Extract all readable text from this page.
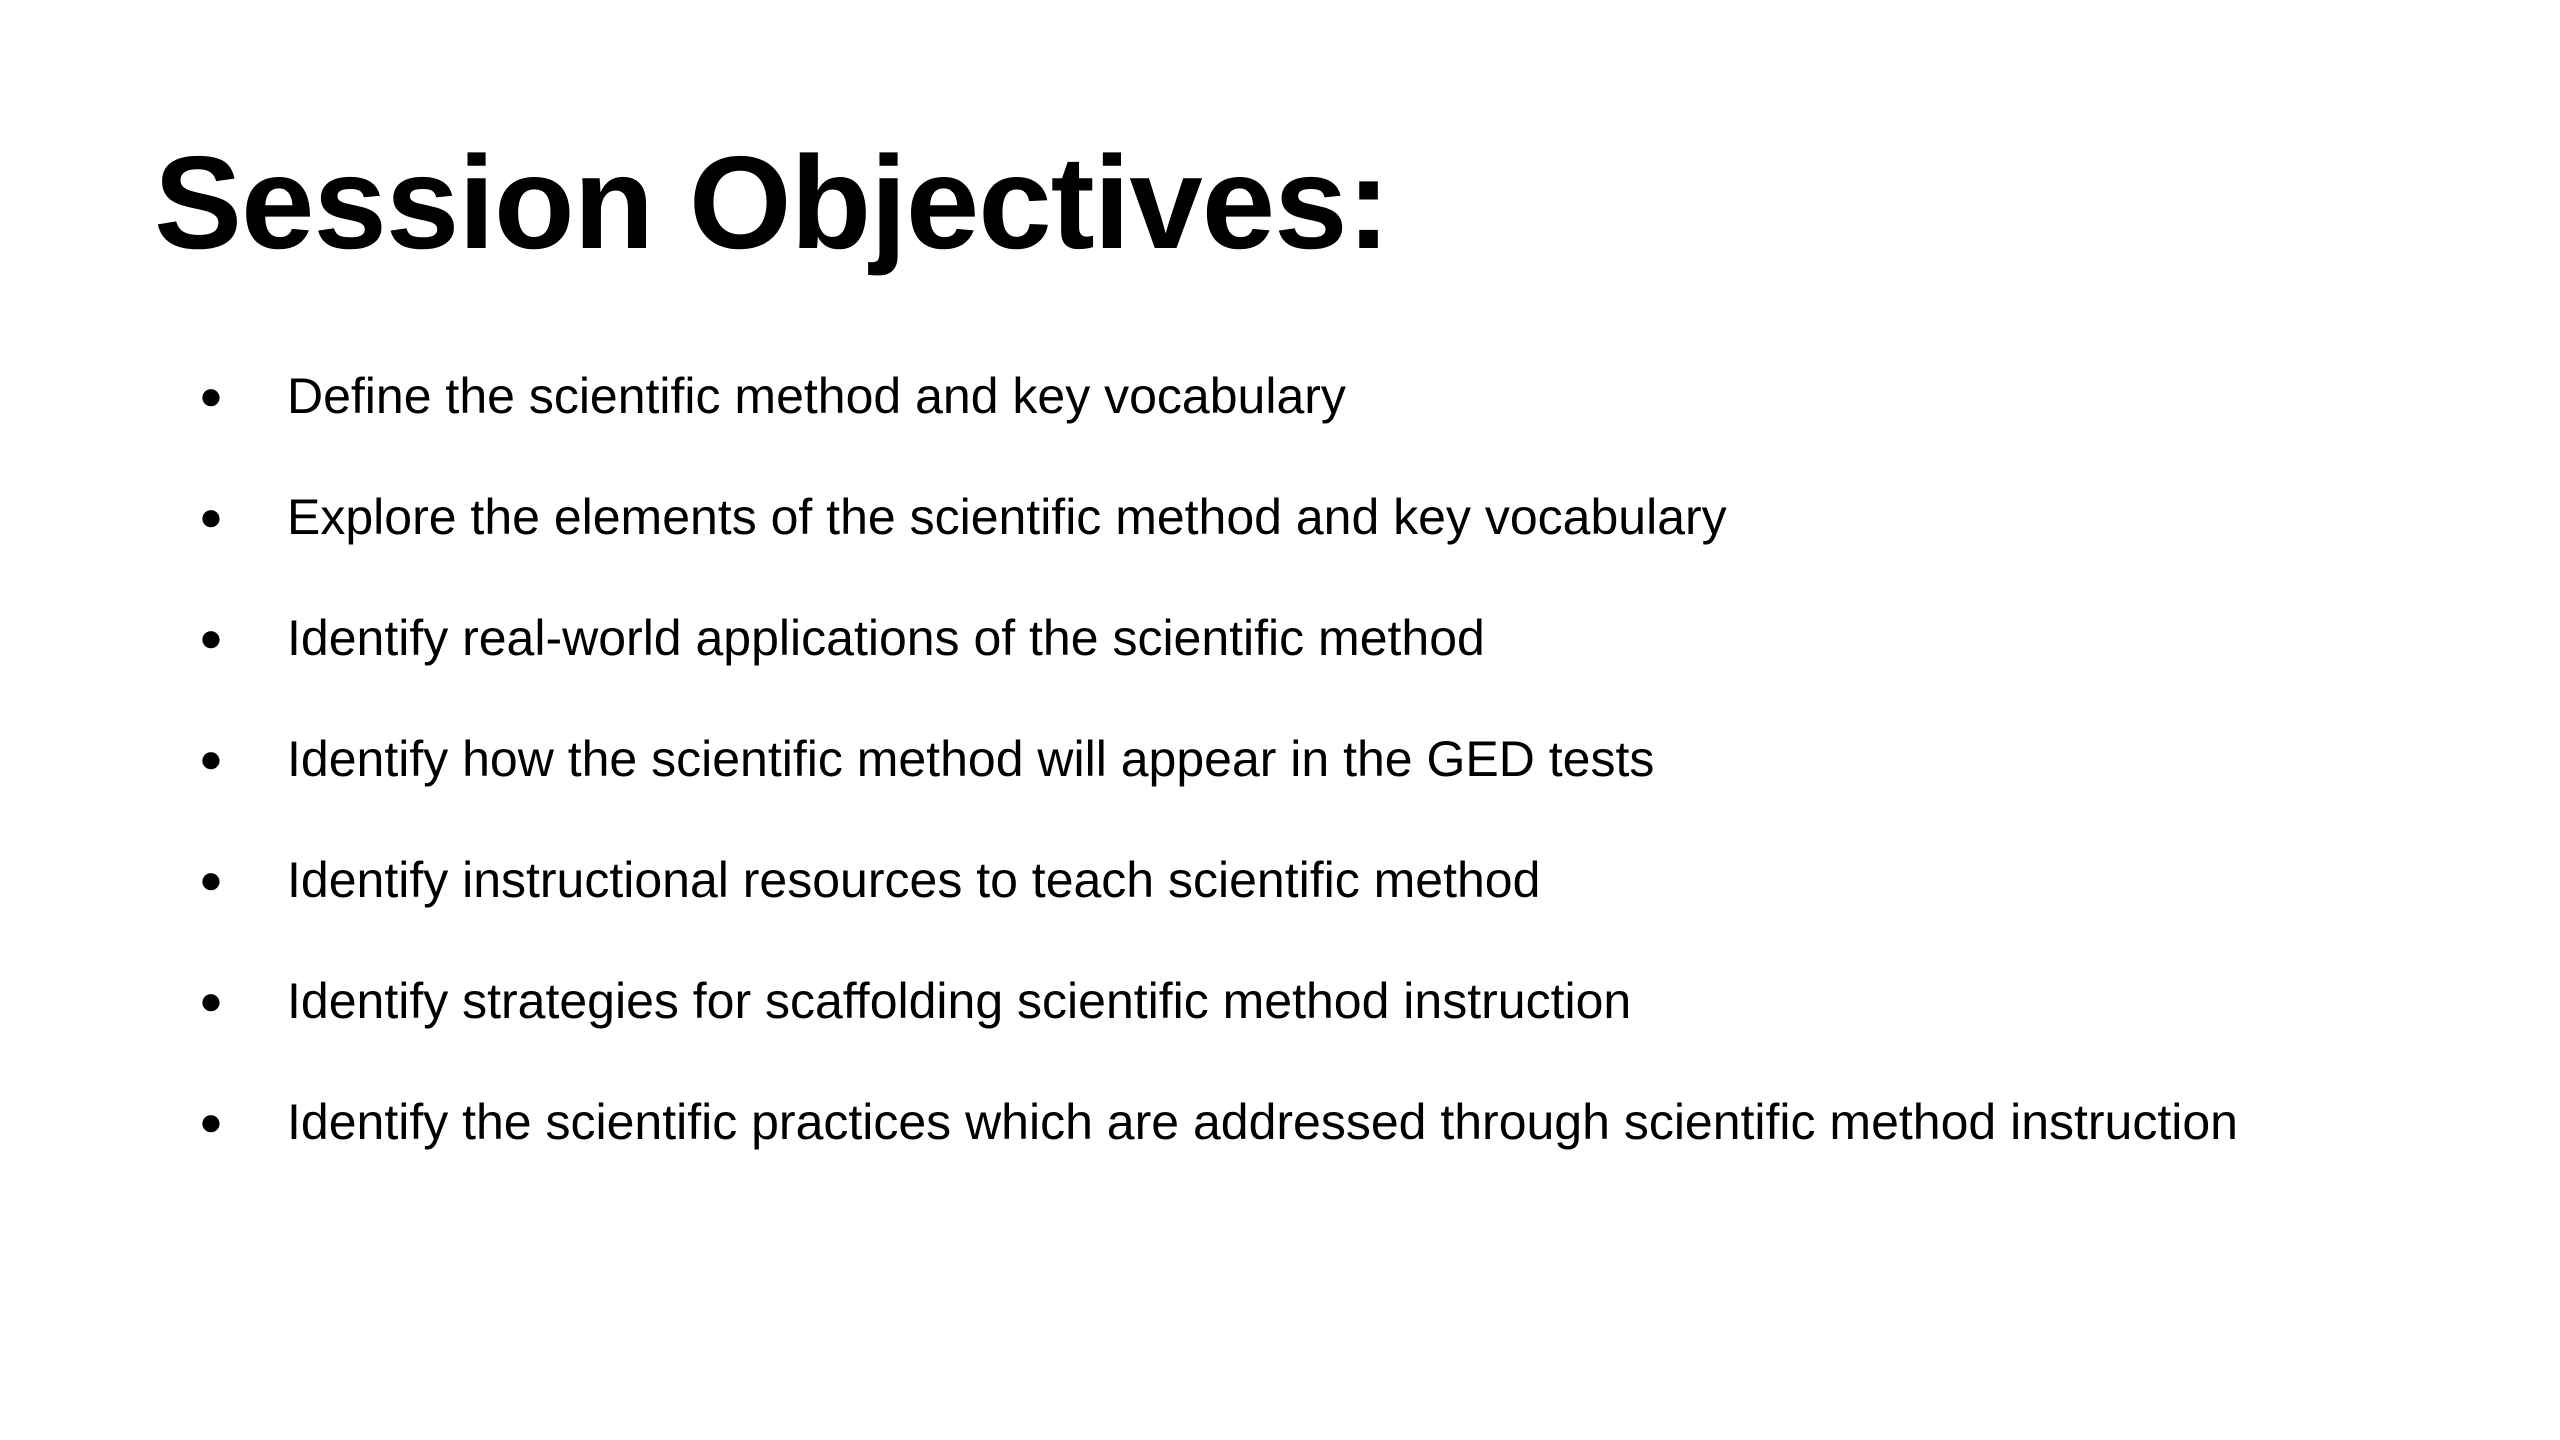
Session Objectives:
● Define the scientific method and key vocabulary
● Explore the elements of the scientific method and key vocabulary
● Identify real-world applications of the scientific method
● Identify how the scientific method will appear in the GED tests
● Identify instructional resources to teach scientific method
● Identify strategies for scaffolding scientific method instruction
● Identify the scientific practices which are addressed through scientific method instruction
